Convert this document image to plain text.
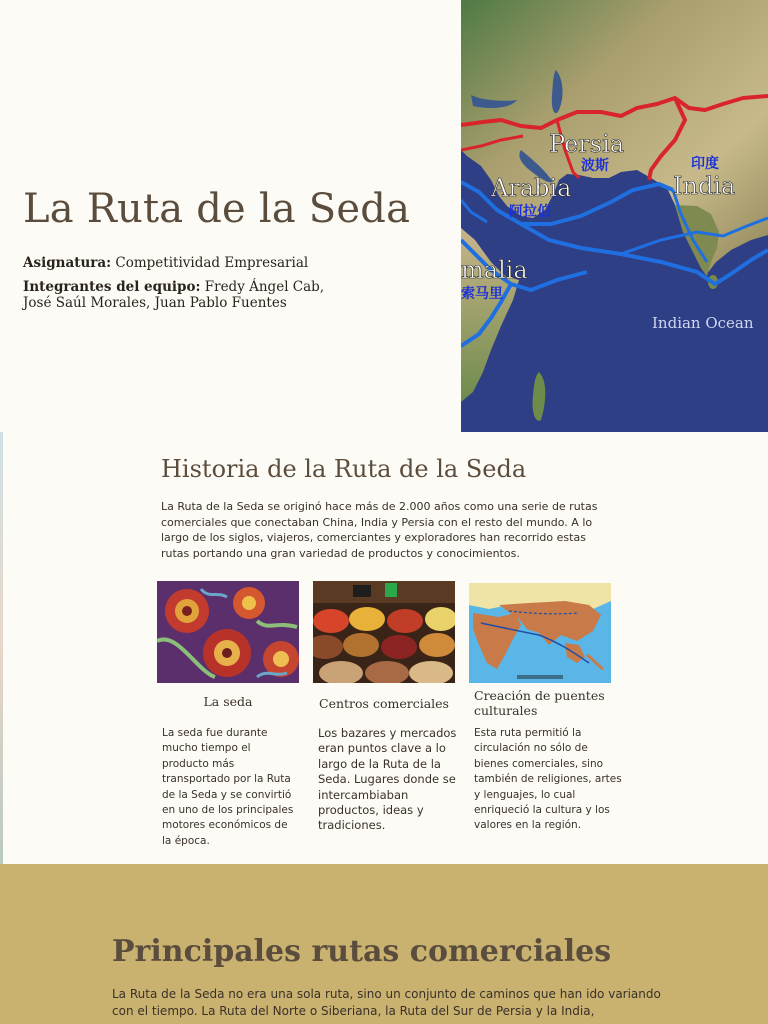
La Ruta de la Seda
Asignatura: Competitividad Empresarial
Integrantes del equipo: Fredy Ángel Cab, José Saúl Morales, Juan Pablo Fuentes
Persia
波斯
Arabia
阿拉伯
India
印度
malia
索马里
Indian Ocean
Historia de la Ruta de la Seda

La Ruta de la Seda se originó hace más de 2.000 años como una serie de rutas comerciales que conectaban China, India y Persia con el resto del mundo. A lo largo de los siglos, viajeros, comerciantes y exploradores han recorrido estas rutas portando una gran variedad de productos y conocimientos.

La seda

La seda fue durante mucho tiempo el producto más transportado por la Ruta de la Seda y se convirtió en uno de los principales motores económicos de la época.

Centros comerciales

Los bazares y mercados eran puntos clave a lo largo de la Ruta de la Seda. Lugares donde se intercambiaban productos, ideas y tradiciones.

Creación de puentes culturales

Esta ruta permitió la circulación no sólo de bienes comerciales, sino también de religiones, artes y lenguajes, lo cual enriqueció la cultura y los valores en la región.

Principales rutas comerciales

La Ruta de la Seda no era una sola ruta, sino un conjunto de caminos que han ido variando con el tiempo. La Ruta del Norte o Siberiana, la Ruta del Sur de Persia y la India,
